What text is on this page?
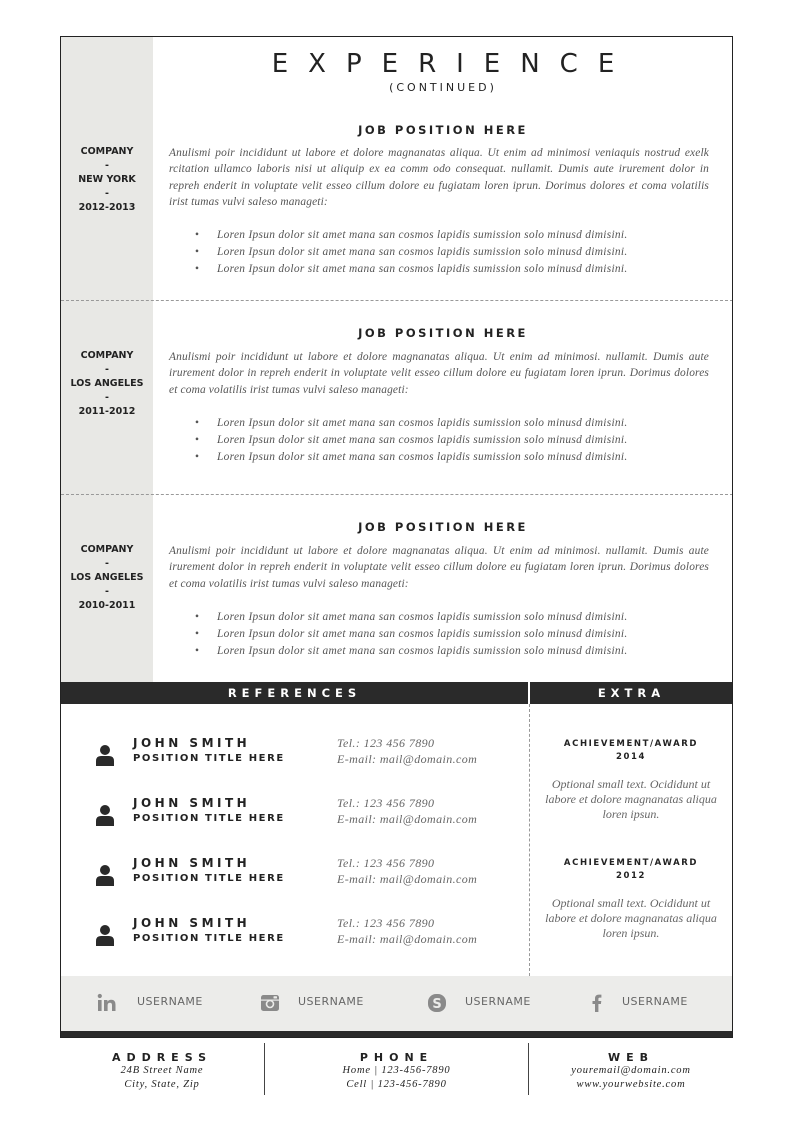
EXPERIENCE
(CONTINUED)
COMPANY
-
NEW YORK
-
2012-2013
JOB POSITION HERE
Anulismi poir incididunt ut labore et dolore magnanatas aliqua. Ut enim ad minimosi veniaquis nostrud exelk rcitation ullamco laboris nisi ut aliquip ex ea comm odo consequat. nullamit. Dumis aute irurement dolor in repreh enderit in voluptate velit esseo cillum dolore eu fugiatam loren iprun. Dorimus dolores et coma volatilis irist tumas vulvi saleso manageti:
• Loren Ipsun dolor sit amet mana san cosmos lapidis sumission solo minusd dimisini.
• Loren Ipsun dolor sit amet mana san cosmos lapidis sumission solo minusd dimisini.
• Loren Ipsun dolor sit amet mana san cosmos lapidis sumission solo minusd dimisini.
COMPANY
-
LOS ANGELES
-
2011-2012
JOB POSITION HERE
Anulismi poir incididunt ut labore et dolore magnanatas aliqua. Ut enim ad minimosi. nullamit. Dumis aute irurement dolor in repreh enderit in voluptate velit esseo cillum dolore eu fugiatam loren iprun. Dorimus dolores et coma volatilis irist tumas vulvi saleso manageti:
• Loren Ipsun dolor sit amet mana san cosmos lapidis sumission solo minusd dimisini.
• Loren Ipsun dolor sit amet mana san cosmos lapidis sumission solo minusd dimisini.
• Loren Ipsun dolor sit amet mana san cosmos lapidis sumission solo minusd dimisini.
COMPANY
-
LOS ANGELES
-
2010-2011
JOB POSITION HERE
Anulismi poir incididunt ut labore et dolore magnanatas aliqua. Ut enim ad minimosi. nullamit. Dumis aute irurement dolor in repreh enderit in voluptate velit esseo cillum dolore eu fugiatam loren iprun. Dorimus dolores et coma volatilis irist tumas vulvi saleso manageti:
• Loren Ipsun dolor sit amet mana san cosmos lapidis sumission solo minusd dimisini.
• Loren Ipsun dolor sit amet mana san cosmos lapidis sumission solo minusd dimisini.
• Loren Ipsun dolor sit amet mana san cosmos lapidis sumission solo minusd dimisini.
REFERENCES	EXTRA
JOHN SMITH
POSITION TITLE HERE
Tel.: 123 456 7890
E-mail: mail@domain.com
JOHN SMITH
POSITION TITLE HERE
Tel.: 123 456 7890
E-mail: mail@domain.com
JOHN SMITH
POSITION TITLE HERE
Tel.: 123 456 7890
E-mail: mail@domain.com
JOHN SMITH
POSITION TITLE HERE
Tel.: 123 456 7890
E-mail: mail@domain.com
ACHIEVEMENT/AWARD
2014
Optional small text. Ocididunt ut labore et dolore magnanatas aliqua loren ipsun.
ACHIEVEMENT/AWARD
2012
Optional small text. Ocididunt ut labore et dolore magnanatas aliqua loren ipsun.
USERNAME	USERNAME	S USERNAME	USERNAME
ADDRESS
24B Street Name
City, State, Zip
PHONE
Home | 123-456-7890
Cell | 123-456-7890
WEB
youremail@domain.com
www.yourwebsite.com
